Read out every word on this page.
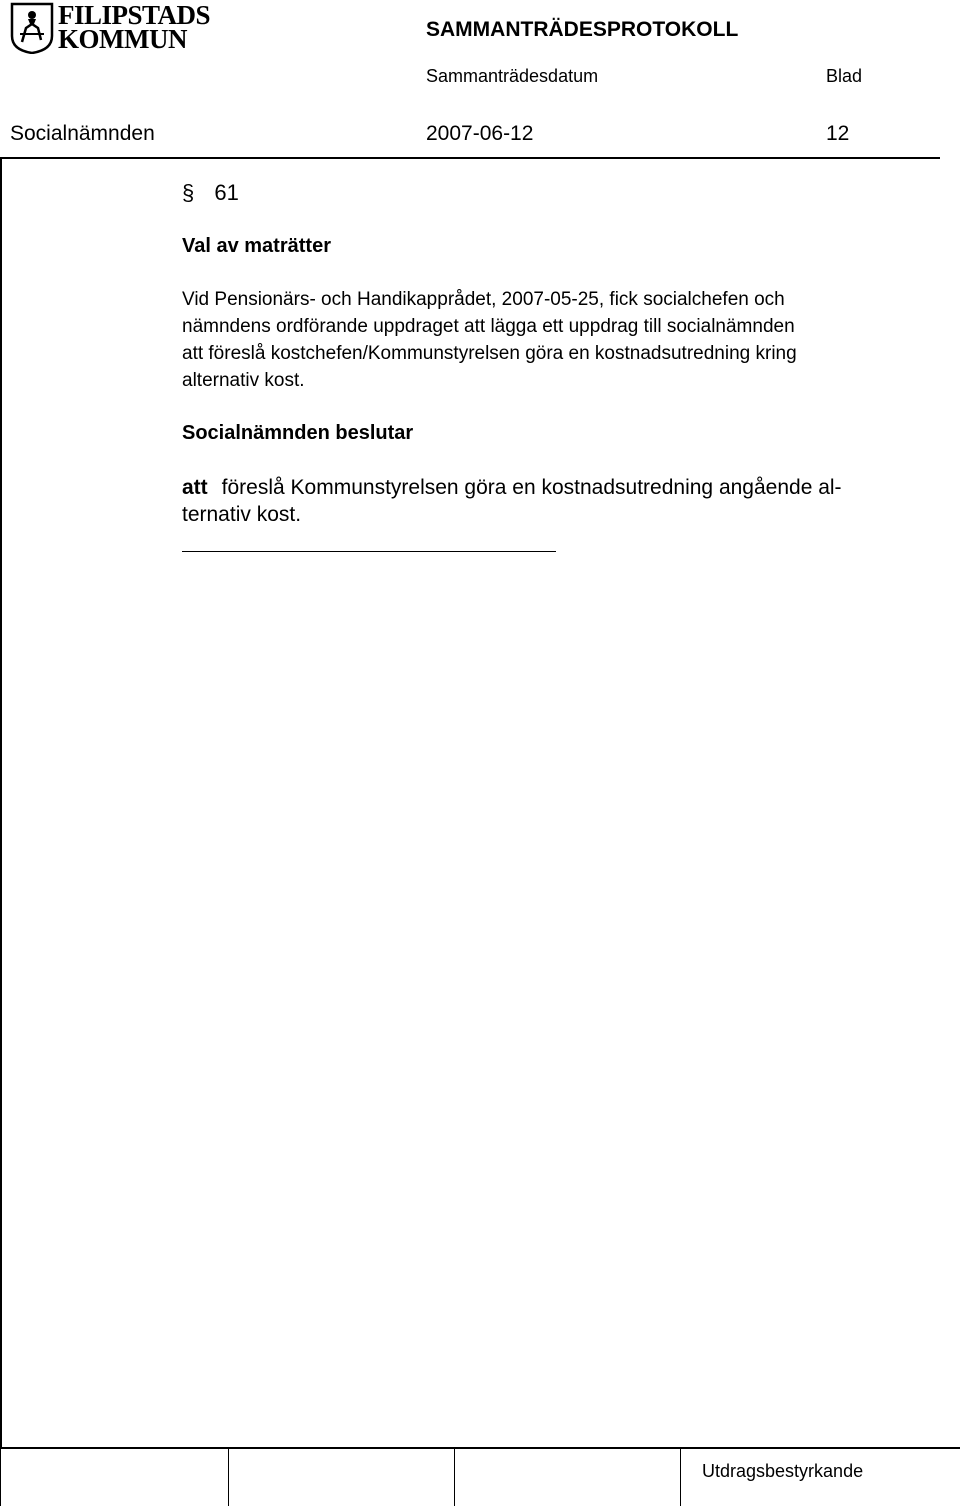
FILIPSTADS
KOMMUN	SAMMANTRÄDESPROTOKOLL
Sammanträdesdatum	Blad
Socialnämnden	2007-06-12	12
§ 61
Val av maträtter
Vid Pensionärs- och Handikapprådet, 2007-05-25, fick socialchefen och
nämndens ordförande uppdraget att lägga ett uppdrag till socialnämnden
att föreslå kostchefen/Kommunstyrelsen göra en kostnadsutredning kring
alternativ kost.
Socialnämnden beslutar
att föreslå Kommunstyrelsen göra en kostnadsutredning angående al-
ternativ kost.
Utdragsbestyrkande
